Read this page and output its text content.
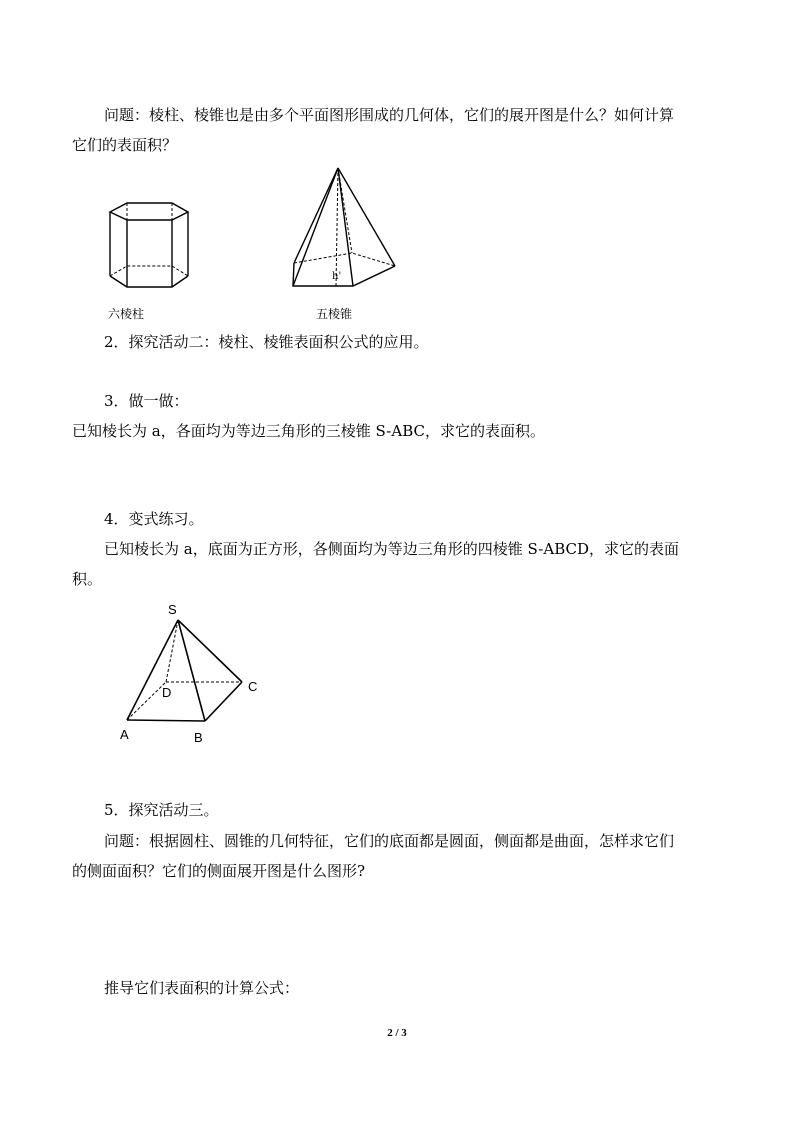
问题：棱柱、棱锥也是由多个平面图形围成的几何体，它们的展开图是什么？如何计算
它们的表面积？
h'
S
D	C
A	B
六棱柱	五棱锥
2．探究活动二：棱柱、棱锥表面积公式的应用。
3．做一做：
已知棱长为 a，各面均为等边三角形的三棱锥 S-ABC，求它的表面积。
4．变式练习。
已知棱长为 a，底面为正方形，各侧面均为等边三角形的四棱锥 S-ABCD，求它的表面
积。
5．探究活动三。
问题：根据圆柱、圆锥的几何特征，它们的底面都是圆面，侧面都是曲面，怎样求它们
的侧面面积？它们的侧面展开图是什么图形?
推导它们表面积的计算公式：
2 / 3
